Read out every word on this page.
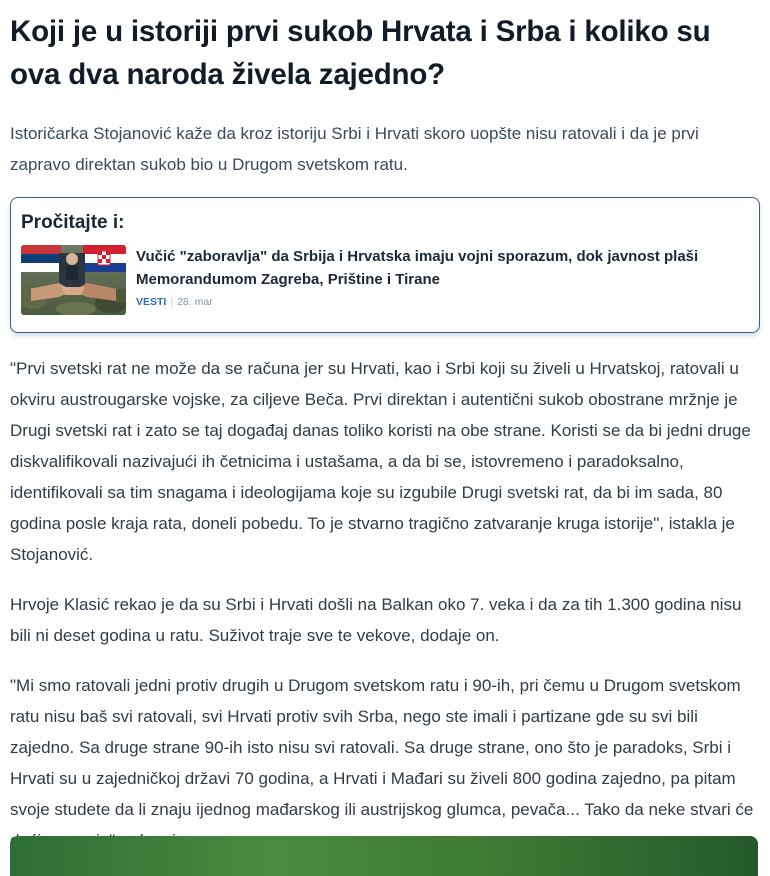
Koji je u istoriji prvi sukob Hrvata i Srba i koliko su ova dva naroda živela zajedno?

Istoričarka Stojanović kaže da kroz istoriju Srbi i Hrvati skoro uopšte nisu ratovali i da je prvi zapravo direktan sukob bio u Drugom svetskom ratu.

Pročitajte i:
Vučić "zaboravlja" da Srbija i Hrvatska imaju vojni sporazum, dok javnost plaši Memorandumom Zagreba, Prištine i Tirane
VESTI | 28. mar

"Prvi svetski rat ne može da se računa jer su Hrvati, kao i Srbi koji su živeli u Hrvatskoj, ratovali u okviru austrougarske vojske, za ciljeve Beča. Prvi direktan i autentični sukob obostrane mržnje je Drugi svetski rat i zato se taj događaj danas toliko koristi na obe strane. Koristi se da bi jedni druge diskvalifikovali nazivajući ih četnicima i ustašama, a da bi se, istovremeno i paradoksalno, identifikovali sa tim snagama i ideologijama koje su izgubile Drugi svetski rat, da bi im sada, 80 godina posle kraja rata, doneli pobedu. To je stvarno tragično zatvaranje kruga istorije", istakla je Stojanović.

Hrvoje Klasić rekao je da su Srbi i Hrvati došli na Balkan oko 7. veka i da za tih 1.300 godina nisu bili ni deset godina u ratu. Suživot traje sve te vekove, dodaje on.

"Mi smo ratovali jedni protiv drugih u Drugom svetskom ratu i 90-ih, pri čemu u Drugom svetskom ratu nisu baš svi ratovali, svi Hrvati protiv svih Srba, nego ste imali i partizane gde su svi bili zajedno. Sa druge strane 90-ih isto nisu svi ratovali. Sa druge strane, ono što je paradoks, Srbi i Hrvati su u zajedničkoj državi 70 godina, a Hrvati i Mađari su živeli 800 godina zajedno, pa pitam svoje studete da li znaju ijednog mađarskog ili austrijskog glumca, pevača... Tako da neke stvari će
